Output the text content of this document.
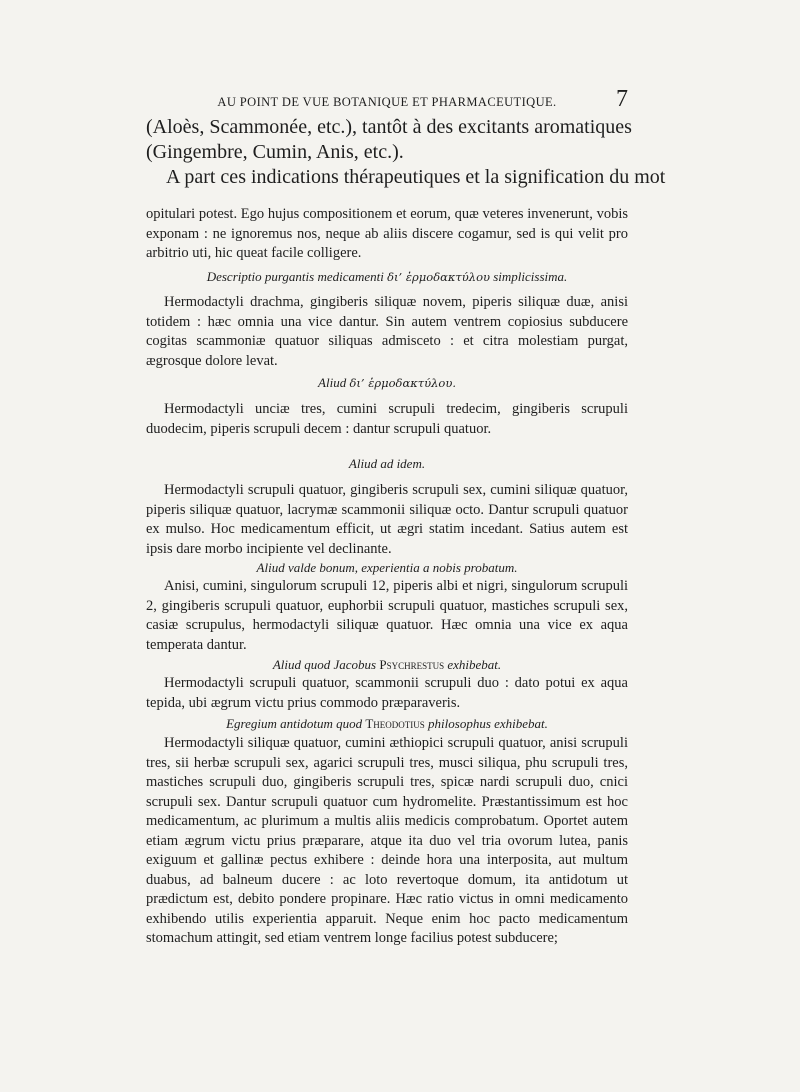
AU POINT DE VUE BOTANIQUE ET PHARMACEUTIQUE.	7

(Aloès, Scammonée, etc.), tantôt à des excitants aromatiques

(Gingembre, Cumin, Anis, etc.).

A part ces indications thérapeutiques et la signification du mot

opitulari potest. Ego hujus compositionem et eorum, quæ veteres invenerunt, vobis exponam : ne ignoremus nos, neque ab aliis discere cogamur, sed is qui velit pro arbitrio uti, hic queat facile colligere.

Descriptio purgantis medicamenti δι’ ἑρμοδακτύλου simplicissima.

Hermodactyli drachma, gingiberis siliquæ novem, piperis siliquæ duæ, anisi totidem : hæc omnia una vice dantur. Sin autem ventrem copiosius subducere cogitas scammoniæ quatuor siliquas admisceto : et citra molestiam purgat, ægrosque dolore levat.

Aliud δι’ ἑρμοδακτύλου.

Hermodactyli unciæ tres, cumini scrupuli tredecim, gingiberis scrupuli duodecim, piperis scrupuli decem : dantur scrupuli quatuor.

Aliud ad idem.

Hermodactyli scrupuli quatuor, gingiberis scrupuli sex, cumini siliquæ quatuor, piperis siliquæ quatuor, lacrymæ scammonii siliquæ octo. Dantur scrupuli quatuor ex mulso. Hoc medicamentum efficit, ut ægri statim incedant. Satius autem est ipsis dare morbo incipiente vel declinante.

Aliud valde bonum, experientia a nobis probatum.

Anisi, cumini, singulorum scrupuli 12, piperis albi et nigri, singulorum scrupuli 2, gingiberis scrupuli quatuor, euphorbii scrupuli quatuor, mastiches scrupuli sex, casiæ scrupulus, hermodactyli siliquæ quatuor. Hæc omnia una vice ex aqua temperata dantur.

Aliud quod Jacobus Psychrestus exhibebat.

Hermodactyli scrupuli quatuor, scammonii scrupuli duo : dato potui ex aqua tepida, ubi ægrum victu prius commodo præparaveris.

Egregium antidotum quod Theodotius philosophus exhibebat.

Hermodactyli siliquæ quatuor, cumini æthiopici scrupuli quatuor, anisi scrupuli tres, sii herbæ scrupuli sex, agarici scrupuli tres, musci siliqua, phu scrupuli tres, mastiches scrupuli duo, gingiberis scrupuli tres, spicæ nardi scrupuli duo, cnici scrupuli sex. Dantur scrupuli quatuor cum hydromelite. Præstantissimum est hoc medicamentum, ac plurimum a multis aliis medicis comprobatum. Oportet autem etiam ægrum victu prius præparare, atque ita duo vel tria ovorum lutea, panis exiguum et gallinæ pectus exhibere : deinde hora una interposita, aut multum duabus, ad balneum ducere : ac loto revertoque domum, ita antidotum ut prædictum est, debito pondere propinare. Hæc ratio victus in omni medicamento exhibendo utilis experientia apparuit. Neque enim hoc pacto medicamentum stomachum attingit, sed etiam ventrem longe facilius potest subducere;
